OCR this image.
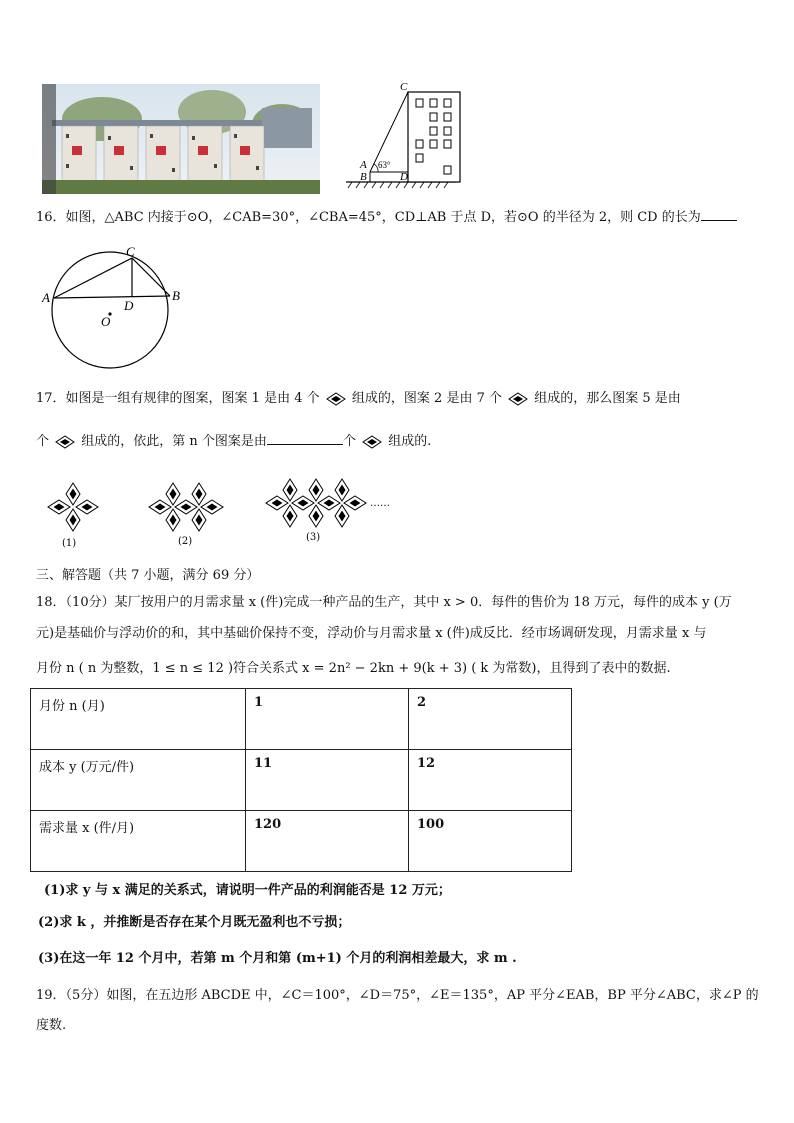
C
A
B	D
63°
16．如图，△ABC 内接于⊙O，∠CAB=30°，∠CBA=45°，CD⊥AB 于点 D，若⊙O 的半径为 2，则 CD 的长为
C
A	B
D
O
17．如图是一组有规律的图案，图案 1 是由 4 个 组成的，图案 2 是由 7 个 组成的，那么图案 5 是由
个 组成的，依此，第 n 个图案是由	个 组成的.
(1)	(2)	(3)
……
三、解答题（共 7 小题，满分 69 分）
18．（10分）某厂按用户的月需求量 x (件)完成一种产品的生产，其中 x > 0．每件的售价为 18 万元，每件的成本 y (万
元)是基础价与浮动价的和，其中基础价保持不变，浮动价与月需求量 x (件)成反比．经市场调研发现，月需求量 x 与
月份 n ( n 为整数，1 ≤ n ≤ 12 )符合关系式 x = 2n² − 2kn + 9(k + 3) ( k 为常数)，且得到了表中的数据.
月份 n (月)	1	2
成本 y (万元/件)	11	12
需求量 x (件/月)	120	100
(1)求 y 与 x 满足的关系式，请说明一件产品的利润能否是 12 万元；
(2)求 k ，并推断是否存在某个月既无盈利也不亏损；
(3)在这一年 12 个月中，若第 m 个月和第 (m+1) 个月的利润相差最大，求 m .
19．（5分）如图，在五边形 ABCDE 中，∠C＝100°，∠D＝75°，∠E＝135°，AP 平分∠EAB，BP 平分∠ABC，求∠P 的
度数.
